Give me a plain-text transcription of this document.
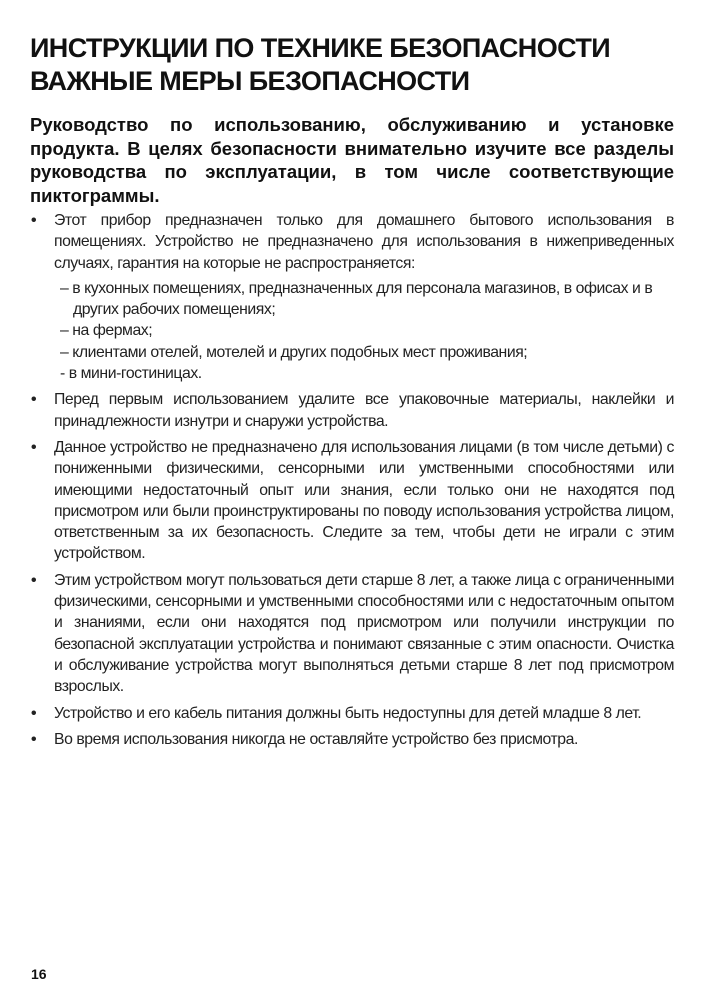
ИНСТРУКЦИИ ПО ТЕХНИКЕ БЕЗОПАСНОСТИ
ВАЖНЫЕ МЕРЫ БЕЗОПАСНОСТИ

Руководство по использованию, обслуживанию и установке продукта. В целях безопасности внимательно изучите все разделы руководства по эксплуатации, в том числе соответствующие пиктограммы.

•	Этот прибор предназначен только для домашнего бытового использования в помещениях. Устройство не предназначено для использования в нижеприведенных случаях, гарантия на которые не распространяется:
– в кухонных помещениях, предназначенных для персонала магазинов, в офисах и в других рабочих помещениях;
– на фермах;
– клиентами отелей, мотелей и других подобных мест проживания;
- в мини-гостиницах.
•	Перед первым использованием удалите все упаковочные материалы, наклейки и принадлежности изнутри и снаружи устройства.
•	Данное устройство не предназначено для использования лицами (в том числе детьми) с пониженными физическими, сенсорными или умственными способностями или имеющими недостаточный опыт или знания, если только они не находятся под присмотром или были проинструктированы по поводу использования устройства лицом, ответственным за их безопасность. Следите за тем, чтобы дети не играли с этим устройством.
•	Этим устройством могут пользоваться дети старше 8 лет, а также лица с ограниченными физическими, сенсорными и умственными способностями или с недостаточным опытом и знаниями, если они находятся под присмотром или получили инструкции по безопасной эксплуатации устройства и понимают связанные с этим опасности. Очистка и обслуживание устройства могут выполняться детьми старше 8 лет под присмотром взрослых.
•	Устройство и его кабель питания должны быть недоступны для детей младше 8 лет.
•	Во время использования никогда не оставляйте устройство без присмотра.
16
